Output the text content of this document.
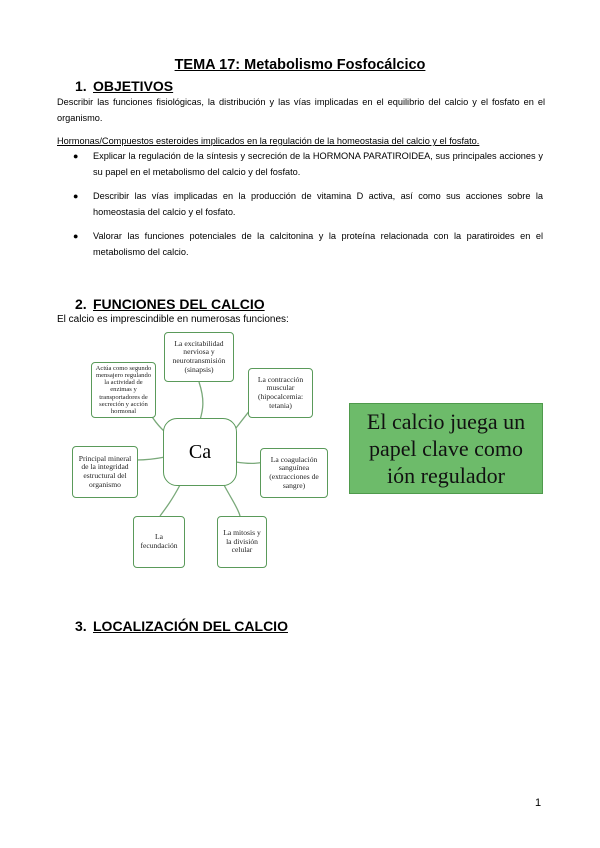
TEMA 17: Metabolismo Fosfocálcico
1. OBJETIVOS
Describir las funciones fisiológicas, la distribución y las vías implicadas en el equilibrio del calcio y el fosfato en el organismo.
Hormonas/Compuestos esteroides implicados en la regulación de la homeostasia del calcio y el fosfato.
● Explicar la regulación de la síntesis y secreción de la HORMONA PARATIROIDEA, sus principales acciones y su papel en el metabolismo del calcio y del fosfato.
● Describir las vías implicadas en la producción de vitamina D activa, así como sus acciones sobre la homeostasia del calcio y el fosfato.
● Valorar las funciones potenciales de la calcitonina y la proteína relacionada con la paratiroides en el metabolismo del calcio.
2. FUNCIONES DEL CALCIO
El calcio es imprescindible en numerosas funciones:
La excitabilidad nerviosa y neurotransmisión (sinapsis)
La contracción muscular (hipocalcemia: tetania)
La coagulación sanguínea (extracciones de sangre)
La mitosis y la división celular
La fecundación
Principal mineral de la integridad estructural del organismo
Actúa como segundo mensajero regulando la actividad de enzimas y transportadores de secreción y acción hormonal
Ca
El calcio juega un papel clave como ión regulador
3. LOCALIZACIÓN DEL CALCIO
1
